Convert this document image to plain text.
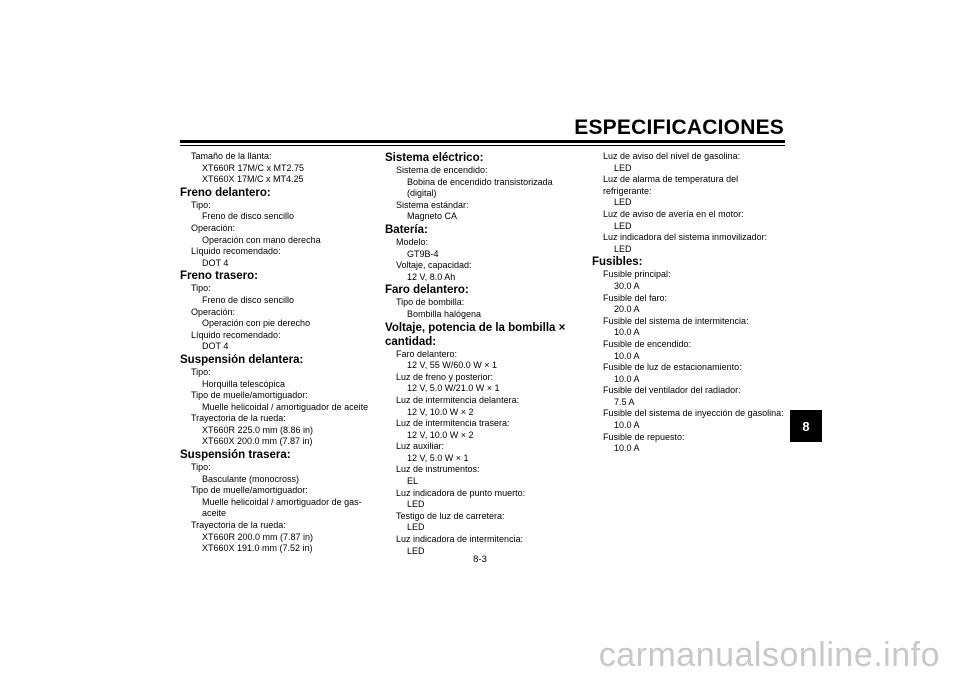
ESPECIFICACIONES
Tamaño de la llanta:
XT660R 17M/C x MT2.75
XT660X 17M/C x MT4.25
Freno delantero:
Tipo:
Freno de disco sencillo
Operación:
Operación con mano derecha
Líquido recomendado:
DOT 4
Freno trasero:
Tipo:
Freno de disco sencillo
Operación:
Operación con pie derecho
Líquido recomendado:
DOT 4
Suspensión delantera:
Tipo:
Horquilla telescópica
Tipo de muelle/amortiguador:
Muelle helicoidal / amortiguador de aceite
Trayectoria de la rueda:
XT660R 225.0 mm (8.86 in)
XT660X 200.0 mm (7.87 in)
Suspensión trasera:
Tipo:
Basculante (monocross)
Tipo de muelle/amortiguador:
Muelle helicoidal / amortiguador de gas-
aceite
Trayectoria de la rueda:
XT660R 200.0 mm (7.87 in)
XT660X 191.0 mm (7.52 in)
Sistema eléctrico:
Sistema de encendido:
Bobina de encendido transistorizada
(digital)
Sistema estándar:
Magneto CA
Batería:
Modelo:
GT9B-4
Voltaje, capacidad:
12 V, 8.0 Ah
Faro delantero:
Tipo de bombilla:
Bombilla halógena
Voltaje, potencia de la bombilla ×
cantidad:
Faro delantero:
12 V, 55 W/60.0 W × 1
Luz de freno y posterior:
12 V, 5.0 W/21.0 W × 1
Luz de intermitencia delantera:
12 V, 10.0 W × 2
Luz de intermitencia trasera:
12 V, 10.0 W × 2
Luz auxiliar:
12 V, 5.0 W × 1
Luz de instrumentos:
EL
Luz indicadora de punto muerto:
LED
Testigo de luz de carretera:
LED
Luz indicadora de intermitencia:
LED
Luz de aviso del nivel de gasolina:
LED
Luz de alarma de temperatura del
refrigerante:
LED
Luz de aviso de avería en el motor:
LED
Luz indicadora del sistema inmovilizador:
LED
Fusibles:
Fusible principal:
30.0 A
Fusible del faro:
20.0 A
Fusible del sistema de intermitencia:
10.0 A
Fusible de encendido:
10.0 A
Fusible de luz de estacionamiento:
10.0 A
Fusible del ventilador del radiador:
7.5 A
Fusible del sistema de inyección de gasolina:
10.0 A
Fusible de repuesto:
10.0 A
8
8-3
carmanualsonline.info
